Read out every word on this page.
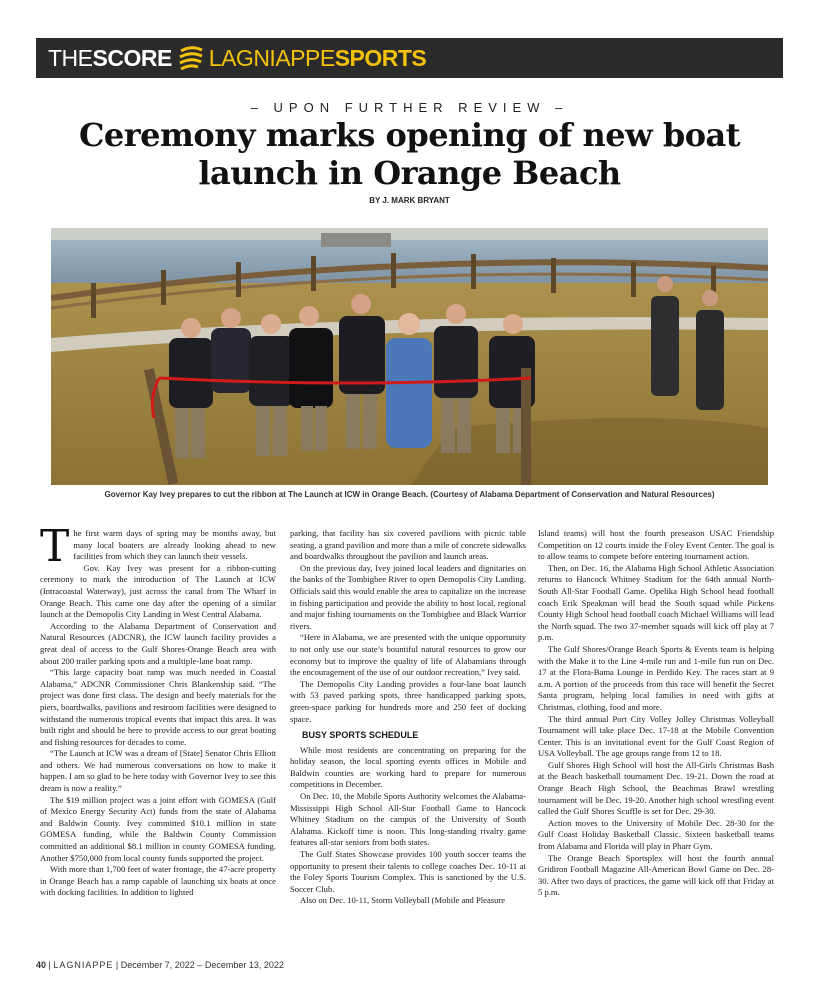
THE SCORE LAGNIAPPE SPORTS
– UPON FURTHER REVIEW –
Ceremony marks opening of new boat launch in Orange Beach
BY J. MARK BRYANT
Governor Kay Ivey prepares to cut the ribbon at The Launch at ICW in Orange Beach. (Courtesy of Alabama Department of Conservation and Natural Resources)

The first warm days of spring may be months away, but many local boaters are already looking ahead to new facilities from which they can launch their vessels.

Gov. Kay Ivey was present for a ribbon-cutting ceremony to mark the introduction of The Launch at ICW (Intracoastal Waterway), just across the canal from The Wharf in Orange Beach. This came one day after the opening of a similar launch at the Demopolis City Landing in West Central Alabama.

According to the Alabama Department of Conservation and Natural Resources (ADCNR), the ICW launch facility provides a great deal of access to the Gulf Shores-Orange Beach area with about 200 trailer parking spots and a multiple-lane boat ramp.

“This large capacity boat ramp was much needed in Coastal Alabama,” ADCNR Commissioner Chris Blankenship said. “The project was done first class. The design and beefy materials for the piers, boardwalks, pavilions and restroom facilities were designed to withstand the numerous tropical events that impact this area. It was built right and should be here to provide access to our great boating and fishing resources for decades to come.

“The Launch at ICW was a dream of [State] Senator Chris Elliott and others. We had numerous conversations on how to make it happen. I am so glad to be here today with Governor Ivey to see this dream is now a reality.”

The $19 million project was a joint effort with GOMESA (Gulf of Mexico Energy Security Act) funds from the state of Alabama and Baldwin County. Ivey committed $10.1 million in state GOMESA funding, while the Baldwin County Commission committed an additional $8.1 million in county GOMESA funding. Another $750,000 from local county funds supported the project.

With more than 1,700 feet of water frontage, the 47-acre property in Orange Beach has a ramp capable of launching six boats at once with docking facilities. In addition to lighted

parking, that facility has six covered pavilions with picnic table seating, a grand pavilion and more than a mile of concrete sidewalks and boardwalks throughout the pavilion and launch areas.

On the previous day, Ivey joined local leaders and dignitaries on the banks of the Tombigbee River to open Demopolis City Landing. Officials said this would enable the area to capitalize on the increase in fishing participation and provide the ability to host local, regional and major fishing tournaments on the Tombigbee and Black Warrior rivers.

“Here in Alabama, we are presented with the unique opportunity to not only use our state’s bountiful natural resources to grow our economy but to improve the quality of life of Alabamians through the encouragement of the use of our outdoor recreation,” Ivey said.

The Demopolis City Landing provides a four-lane boat launch with 53 paved parking spots, three handicapped parking spots, green-space parking for hundreds more and 250 feet of docking space.

BUSY SPORTS SCHEDULE

While most residents are concentrating on preparing for the holiday season, the local sporting events offices in Mobile and Baldwin counties are working hard to prepare for numerous competitions in December.

On Dec. 10, the Mobile Sports Authority welcomes the Alabama-Mississippi High School All-Star Football Game to Hancock Whitney Stadium on the campus of the University of South Alabama. Kickoff time is noon. This long-standing rivalry game features all-star seniors from both states.

The Gulf States Showcase provides 100 youth soccer teams the opportunity to present their talents to college coaches Dec. 10-11 at the Foley Sports Tourism Complex. This is sanctioned by the U.S. Soccer Club.

Also on Dec. 10-11, Storm Volleyball (Mobile and Pleasure

Island teams) will host the fourth preseason USAC Friendship Competition on 12 courts inside the Foley Event Center. The goal is to allow teams to compete before entering tournament action.

Then, on Dec. 16, the Alabama High School Athletic Association returns to Hancock Whitney Stadium for the 64th annual North-South All-Star Football Game. Opelika High School head football coach Erik Speakman will head the South squad while Pickens County High School head football coach Michael Williams will lead the North squad. The two 37-member squads will kick off play at 7 p.m.

The Gulf Shores/Orange Beach Sports & Events team is helping with the Make it to the Line 4-mile run and 1-mile fun run on Dec. 17 at the Flora-Bama Lounge in Perdido Key. The races start at 9 a.m. A portion of the proceeds from this race will benefit the Secret Santa program, helping local families in need with gifts at Christmas, clothing, food and more.

The third annual Port City Volley Jolley Christmas Volleyball Tournament will take place Dec. 17-18 at the Mobile Convention Center. This is an invitational event for the Gulf Coast Region of USA Volleyball. The age groups range from 12 to 18.

Gulf Shores High School will host the All-Girls Christmas Bash at the Beach basketball tournament Dec. 19-21. Down the road at Orange Beach High School, the Beachmas Brawl wrestling tournament will be Dec. 19-20. Another high school wrestling event called the Gulf Shores Scuffle is set for Dec. 29-30.

Action moves to the University of Mobile Dec. 28-30 for the Gulf Coast Holiday Basketball Classic. Sixteen basketball teams from Alabama and Florida will play in Pharr Gym.

The Orange Beach Sportsplex will host the fourth annual Gridiron Football Magazine All-American Bowl Game on Dec. 28-30. After two days of practices, the game will kick off that Friday at 5 p.m.

40 | LAGNIAPPE | December 7, 2022 – December 13, 2022
